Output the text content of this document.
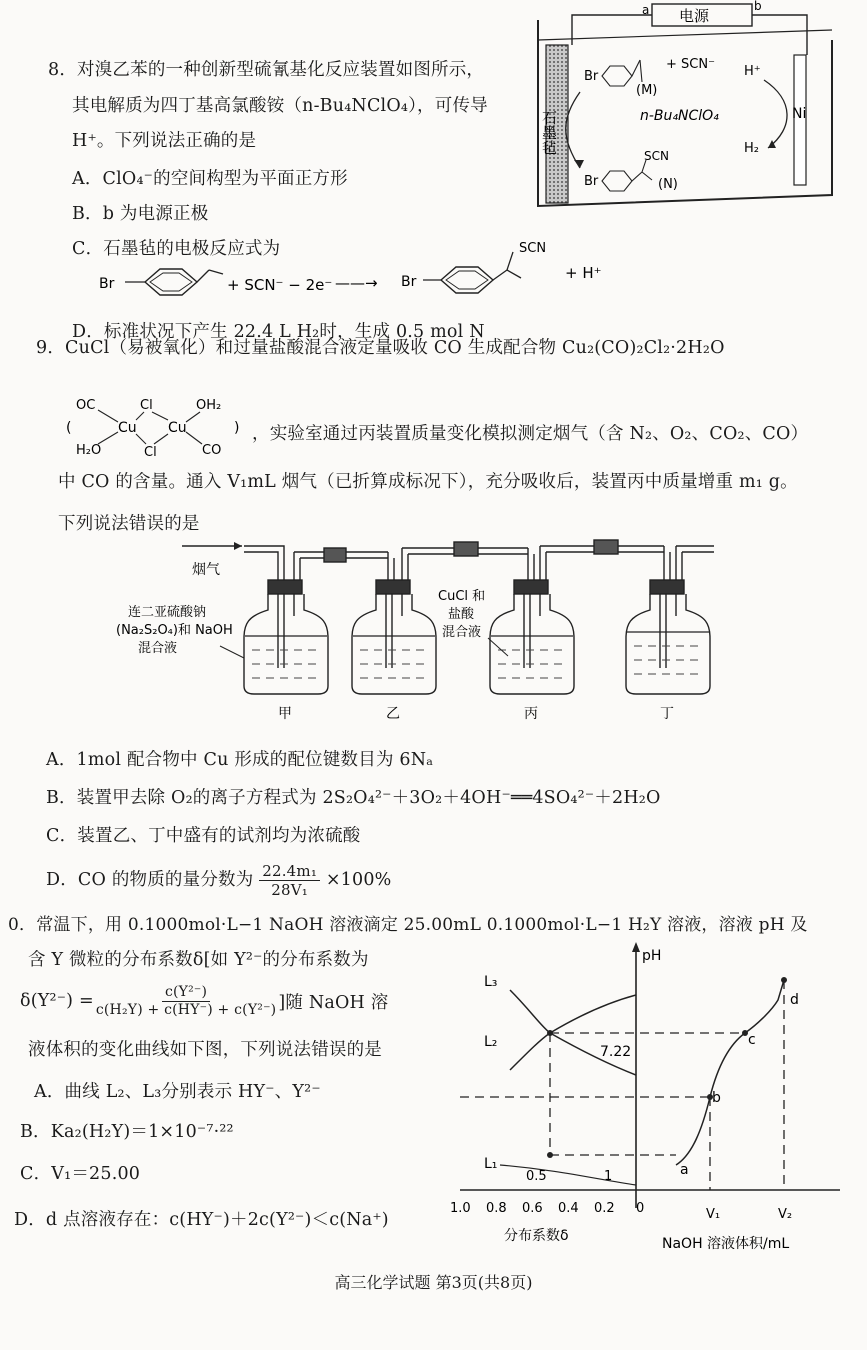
8．对溴乙苯的一种创新型硫氰基化反应装置如图所示，
其电解质为四丁基高氯酸铵（n-Bu₄NClO₄），可传导
H⁺。下列说法正确的是
A．ClO₄⁻的空间构型为平面正方形
B．b 为电源正极
C．石墨毡的电极反应式为
Br	+ SCN⁻ − 2e⁻ ——→ Br
SCN
+ H⁺
D．标准状况下产生 22.4 L H₂时，生成 0.5 mol N
电源
a	b
石墨毡	Ni
Br
+ SCN⁻
(M)
n-Bu₄NClO₄
H⁺
H₂
Br
SCN
(N)
9．CuCl（易被氧化）和过量盐酸混合液定量吸收 CO 生成配合物 Cu₂(CO)₂Cl₂·2H₂O
OC	Cl	OH₂
Cu Cu
H₂O	Cl	CO
(	) ，实验室通过丙装置质量变化模拟测定烟气（含 N₂、O₂、CO₂、CO）
中 CO 的含量。通入 V₁mL 烟气（已折算成标况下），充分吸收后，装置丙中质量增重 m₁ g。
下列说法错误的是
烟气
连二亚硫酸钠
(Na₂S₂O₄)和 NaOH
混合液
CuCl 和
盐酸
混合液
甲	乙	丙	丁
A．1mol 配合物中 Cu 形成的配位键数目为 6Nₐ
B．装置甲去除 O₂的离子方程式为 2S₂O₄²⁻＋3O₂＋4OH⁻══4SO₄²⁻＋2H₂O
C．装置乙、丁中盛有的试剂均为浓硫酸
D．CO 的物质的量分数为 $\frac{\text{22.4m₁}}{\text{28V₁}} \times 100\%$
0．常温下，用 0.1000mol·L−1 NaOH 溶液滴定 25.00mL 0.1000mol·L−1 H₂Y 溶液，溶液 pH 及
含 Y 微粒的分布系数δ[如 Y²⁻的分布系数为
$\delta(Y^{2-}) = \frac{\text{c(Y²⁻)}}{\text{c(H₂Y) + c(HY⁻) + c(Y²⁻)}}$ ]随 NaOH 溶
液体积的变化曲线如下图，下列说法错误的是
A．曲线 L₂、L₃分别表示 HY⁻、Y²⁻
B．Ka₂(H₂Y)＝1×10⁻⁷·²²
C．V₁＝25.00
D．d 点溶液存在：c(HY⁻)＋2c(Y²⁻)＜c(Na⁺)
pH
L₃
L₂
L₁
7.22
a
b
c
d
0.5	1
1.0 0.8 0.6 0.4 0.2 0	V₁	V₂
分布系数δ	NaOH 溶液体积/mL
高三化学试题 第3页(共8页)
